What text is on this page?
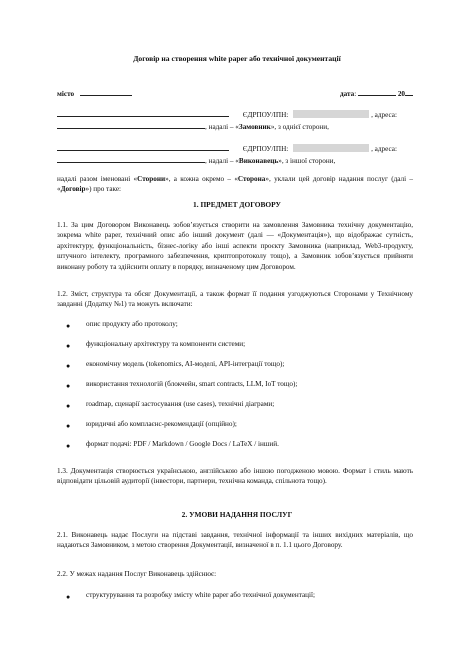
Договір на створення white paper або технічної документації
місто	дата:	20
ЄДРПОУ/ІПН:	, адреса:
, надалі – «Замовник», з однієї сторони,
ЄДРПОУ/ІПН:	, адреса:
, надалі – «Виконавець», з іншої сторони,
надалі разом іменовані «Сторони», а кожна окремо – «Сторона», уклали цей договір надання послуг (далі – «Договір») про таке:
1. ПРЕДМЕТ ДОГОВОРУ
1.1. За цим Договором Виконавець зобов’язується створити на замовлення Замовника технічну документацію, зокрема white paper, технічний опис або інший документ (далі — «Документація»), що відображає сутність, архітектуру, функціональність, бізнес-логіку або інші аспекти проєкту Замовника (наприклад, Web3-продукту, штучного інтелекту, програмного забезпечення, криптопротоколу тощо), а Замовник зобов’язується прийняти виконану роботу та здійснити оплату в порядку, визначеному цим Договором.
1.2. Зміст, структура та обсяг Документації, а також формат її подання узгоджуються Сторонами у Технічному завданні (Додатку №1) та можуть включати:
● опис продукту або протоколу;
● функціональну архітектуру та компоненти системи;
● економічну модель (tokenomics, AI-моделі, API-інтеграції тощо);
● використання технологій (блокчейн, smart contracts, LLM, IoT тощо);
● roadmap, сценарії застосування (use cases), технічні діаграми;
● юридичні або комплаєнс-рекомендації (опційно);
● формат подачі: PDF / Markdown / Google Docs / LaTeX / інший.
1.3. Документація створюється українською, англійською або іншою погодженою мовою. Формат і стиль мають відповідати цільовій аудиторії (інвестори, партнери, технічна команда, спільнота тощо).
2. УМОВИ НАДАННЯ ПОСЛУГ
2.1. Виконавець надає Послуги на підставі завдання, технічної інформації та інших вихідних матеріалів, що надаються Замовником, з метою створення Документації, визначеної в п. 1.1 цього Договору.
2.2. У межах надання Послуг Виконавець здійснює:
● структурування та розробку змісту white paper або технічної документації;
